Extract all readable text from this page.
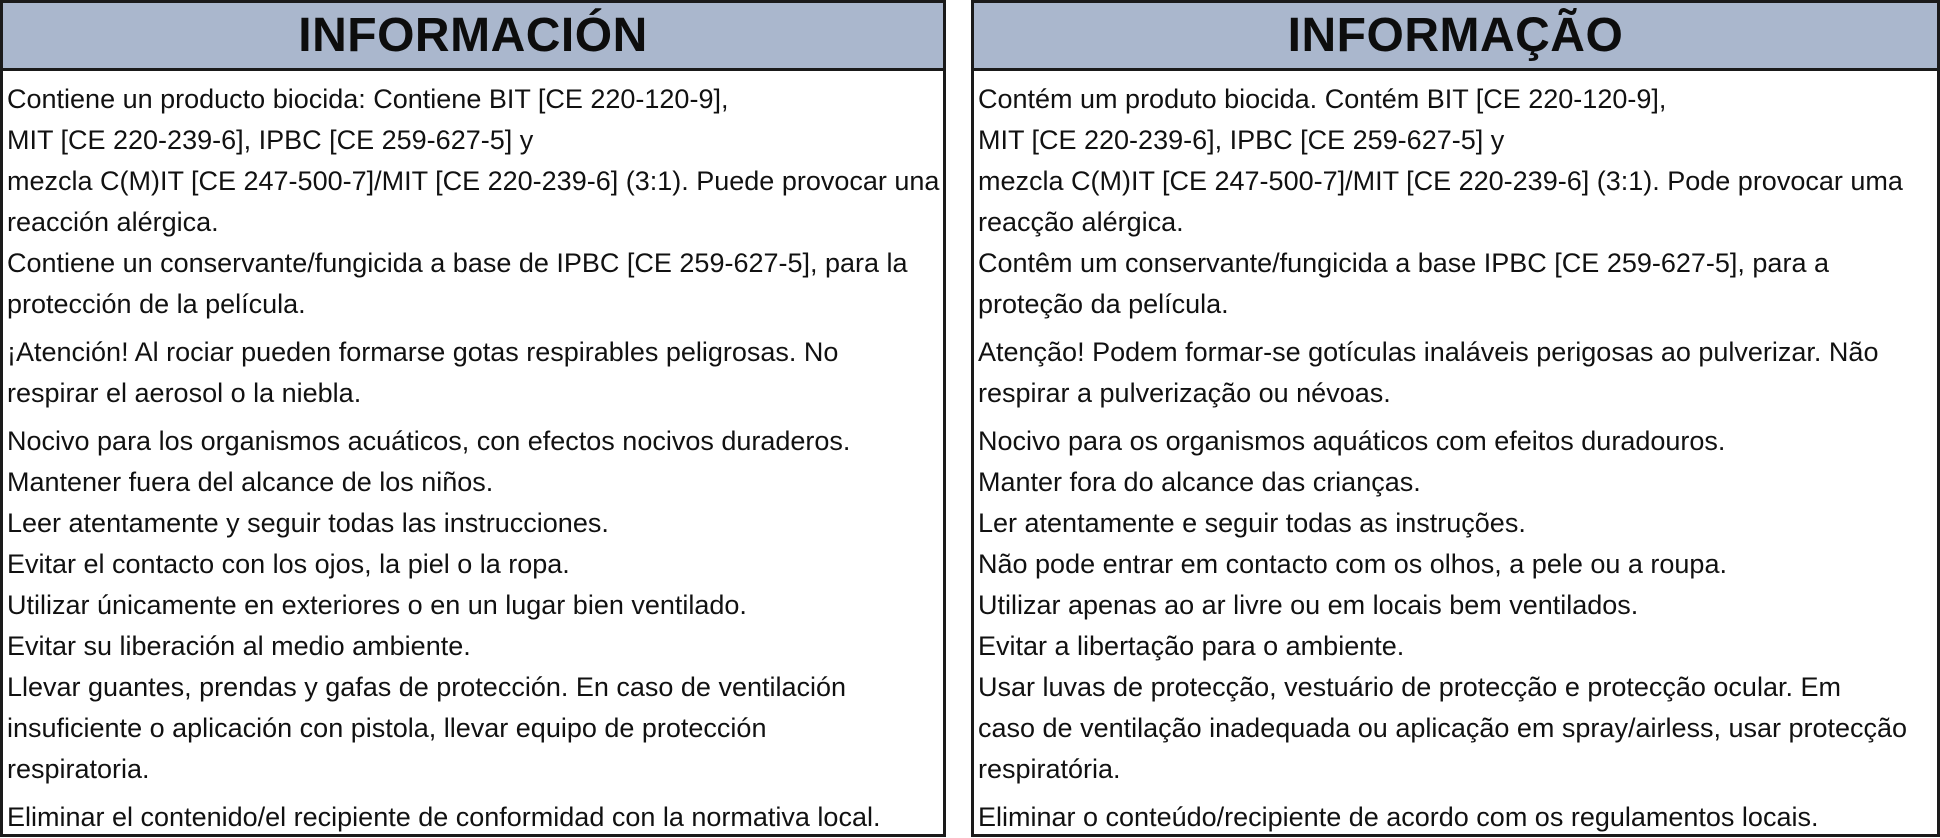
INFORMACIÓN
Contiene un producto biocida: Contiene BIT [CE 220-120-9],
MIT [CE 220-239-6], IPBC [CE 259-627-5] y
mezcla C(M)IT [CE 247-500-7]/MIT [CE 220-239-6] (3:1). Puede provocar una
reacción alérgica.
Contiene un conservante/fungicida a base de IPBC [CE 259-627-5], para la
protección de la película.
¡Atención! Al rociar pueden formarse gotas respirables peligrosas. No
respirar el aerosol o la niebla.
Nocivo para los organismos acuáticos, con efectos nocivos duraderos.
Mantener fuera del alcance de los niños.
Leer atentamente y seguir todas las instrucciones.
Evitar el contacto con los ojos, la piel o la ropa.
Utilizar únicamente en exteriores o en un lugar bien ventilado.
Evitar su liberación al medio ambiente.
Llevar guantes, prendas y gafas de protección. En caso de ventilación
insuficiente o aplicación con pistola, llevar equipo de protección
respiratoria.
Eliminar el contenido/el recipiente de conformidad con la normativa local.
INFORMAÇÃO
Contém um produto biocida. Contém BIT [CE 220-120-9],
MIT [CE 220-239-6], IPBC [CE 259-627-5] y
mezcla C(M)IT [CE 247-500-7]/MIT [CE 220-239-6] (3:1). Pode provocar uma
reacção alérgica.
Contêm um conservante/fungicida a base IPBC [CE 259-627-5], para a
proteção da película.
Atenção! Podem formar-se gotículas inaláveis perigosas ao pulverizar. Não
respirar a pulverização ou névoas.
Nocivo para os organismos aquáticos com efeitos duradouros.
Manter fora do alcance das crianças.
Ler atentamente e seguir todas as instruções.
Não pode entrar em contacto com os olhos, a pele ou a roupa.
Utilizar apenas ao ar livre ou em locais bem ventilados.
Evitar a libertação para o ambiente.
Usar luvas de protecção, vestuário de protecção e protecção ocular. Em
caso de ventilação inadequada ou aplicação em spray/airless, usar protecção
respiratória.
Eliminar o conteúdo/recipiente de acordo com os regulamentos locais.
